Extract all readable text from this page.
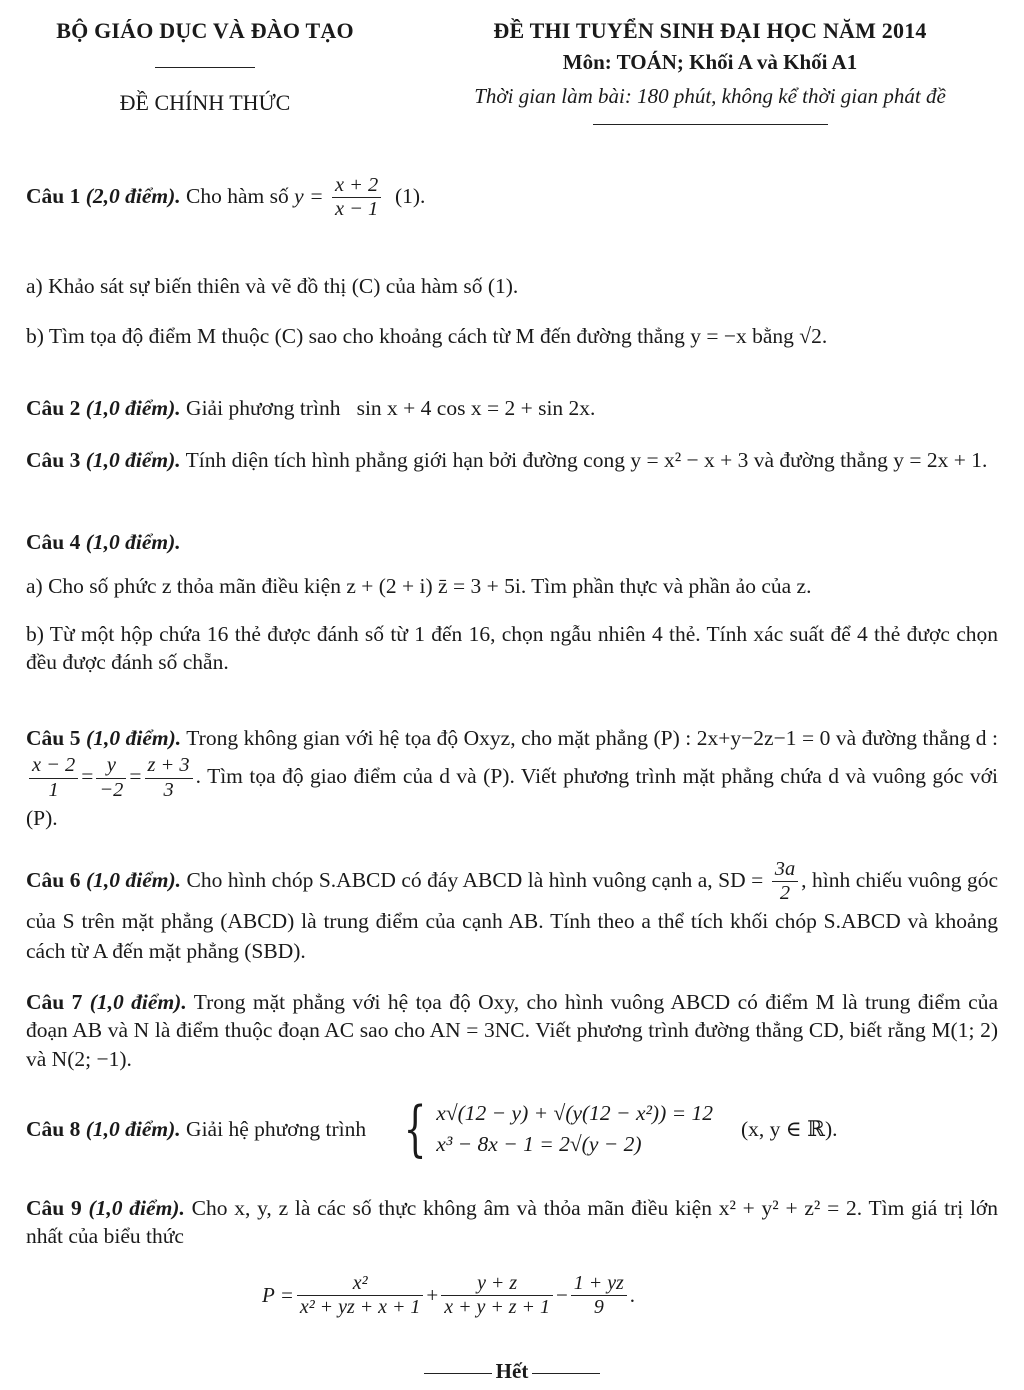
BỘ GIÁO DỤC VÀ ĐÀO TẠO
ĐỀ CHÍNH THỨC
ĐỀ THI TUYỂN SINH ĐẠI HỌC NĂM 2014
Môn: TOÁN; Khối A và Khối A1
Thời gian làm bài: 180 phút, không kể thời gian phát đề
Câu 1 (2,0 điểm). Cho hàm số $y = \frac{x + 2}{x - 1} (1)$.
a) Khảo sát sự biến thiên và vẽ đồ thị (C) của hàm số (1).
b) Tìm tọa độ điểm M thuộc (C) sao cho khoảng cách từ M đến đường thẳng y = −x bằng √2.
Câu 2 (1,0 điểm). Giải phương trình sin x + 4 cos x = 2 + sin 2x.
Câu 3 (1,0 điểm). Tính diện tích hình phẳng giới hạn bởi đường cong y = x² − x + 3 và đường thẳng y = 2x + 1.
Câu 4 (1,0 điểm).
a) Cho số phức z thỏa mãn điều kiện z + (2 + i) z̄ = 3 + 5i. Tìm phần thực và phần ảo của z.
b) Từ một hộp chứa 16 thẻ được đánh số từ 1 đến 16, chọn ngẫu nhiên 4 thẻ. Tính xác suất để 4 thẻ được chọn đều được đánh số chẵn.
Câu 5 (1,0 điểm). Trong không gian với hệ tọa độ Oxyz, cho mặt phẳng (P) : 2x+y−2z−1 = 0 và đường thẳng d :
$\frac{x - 2}{1} = \frac{y}{-2} = \frac{z + 3}{3}$ . Tìm tọa độ giao điểm của d và (P). Viết phương trình mặt phẳng chứa d và vuông góc với (P).
Câu 6 (1,0 điểm). Cho hình chóp S.ABCD có đáy ABCD là hình vuông cạnh a, SD = $\frac{3a}{2}$ , hình chiếu vuông góc của S trên mặt phẳng (ABCD) là trung điểm của cạnh AB. Tính theo a thể tích khối chóp S.ABCD và khoảng cách từ A đến mặt phẳng (SBD).
Câu 7 (1,0 điểm). Trong mặt phẳng với hệ tọa độ Oxy, cho hình vuông ABCD có điểm M là trung điểm của đoạn AB và N là điểm thuộc đoạn AC sao cho AN = 3NC. Viết phương trình đường thẳng CD, biết rằng M(1; 2) và N(2; −1).
Câu 8 (1,0 điểm). Giải hệ phương trình { x√(12 − y) + √(y(12 − x²)) = 12
x³ − 8x − 1 = 2√(y − 2)
(x, y ∈ ℝ).
Câu 9 (1,0 điểm). Cho x, y, z là các số thực không âm và thỏa mãn điều kiện x² + y² + z² = 2. Tìm giá trị lớn nhất của biểu thức
$P = \frac{\text{x²}}{\text{x² + yz + x + 1}} + \frac{y + z}{x + y + z + 1} - \frac{1 + yz}{9}$ .
Hết
